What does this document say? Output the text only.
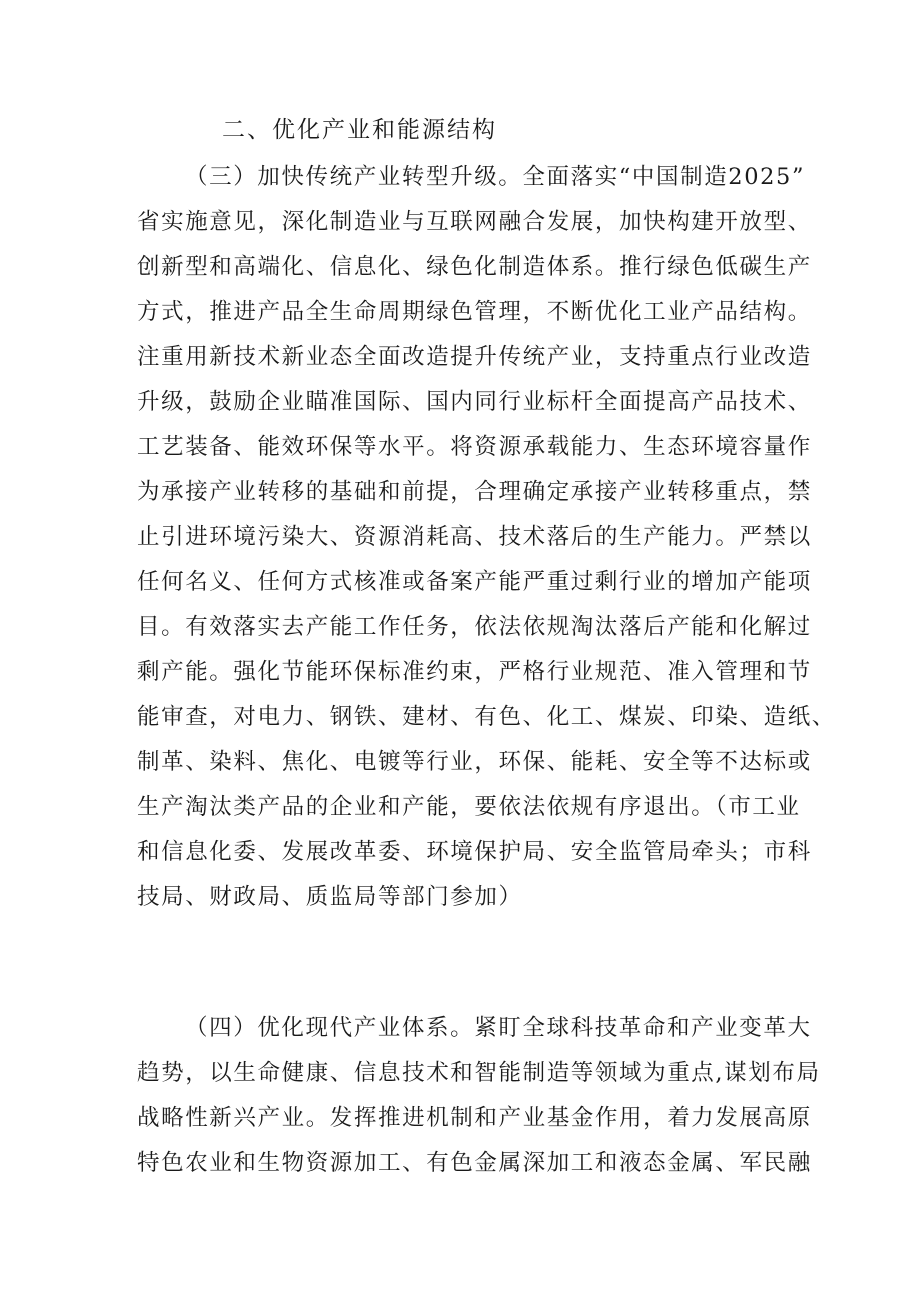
二、优化产业和能源结构
（三）加快传统产业转型升级。全面落实“中国制造2025”
省实施意见，深化制造业与互联网融合发展，加快构建开放型、
创新型和高端化、信息化、绿色化制造体系。推行绿色低碳生产
方式，推进产品全生命周期绿色管理，不断优化工业产品结构。
注重用新技术新业态全面改造提升传统产业，支持重点行业改造
升级，鼓励企业瞄准国际、国内同行业标杆全面提高产品技术、
工艺装备、能效环保等水平。将资源承载能力、生态环境容量作
为承接产业转移的基础和前提，合理确定承接产业转移重点，禁
止引进环境污染大、资源消耗高、技术落后的生产能力。严禁以
任何名义、任何方式核准或备案产能严重过剩行业的增加产能项
目。有效落实去产能工作任务，依法依规淘汰落后产能和化解过
剩产能。强化节能环保标准约束，严格行业规范、准入管理和节
能审查，对电力、钢铁、建材、有色、化工、煤炭、印染、造纸、
制革、染料、焦化、电镀等行业，环保、能耗、安全等不达标或
生产淘汰类产品的企业和产能，要依法依规有序退出。（市工业
和信息化委、发展改革委、环境保护局、安全监管局牵头；市科
技局、财政局、质监局等部门参加）
（四）优化现代产业体系。紧盯全球科技革命和产业变革大
趋势，以生命健康、信息技术和智能制造等领域为重点,谋划布局
战略性新兴产业。发挥推进机制和产业基金作用，着力发展高原
特色农业和生物资源加工、有色金属深加工和液态金属、军民融
